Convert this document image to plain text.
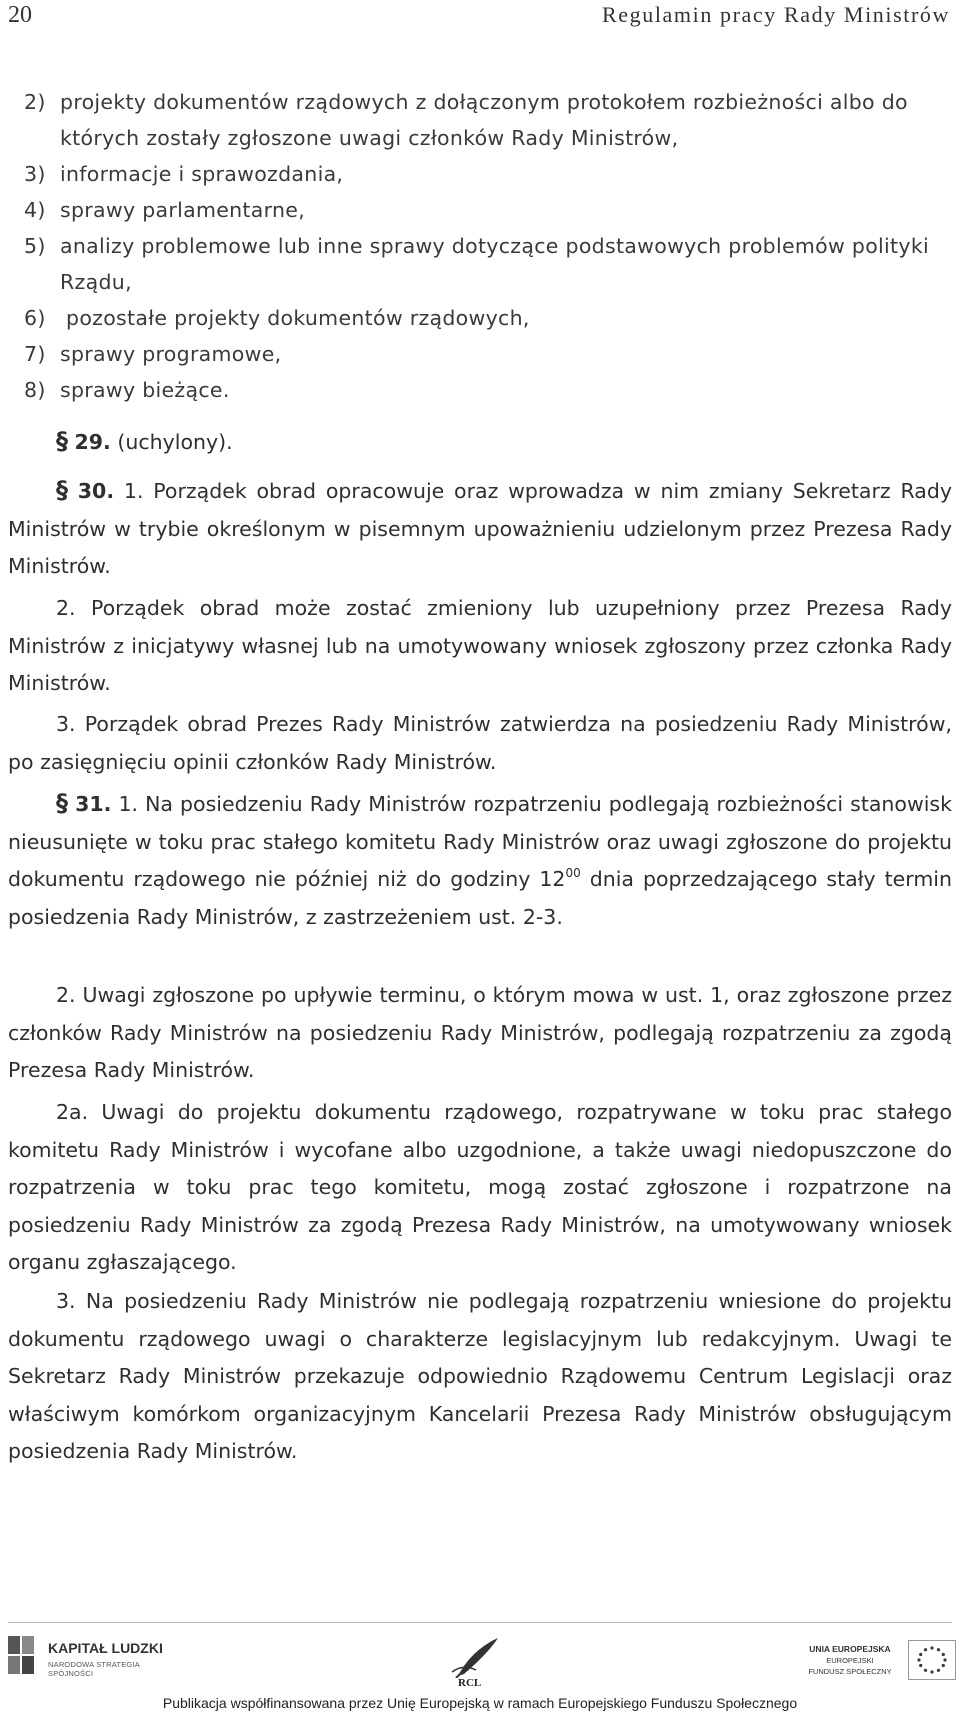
20	Regulamin pracy Rady Ministrów
2) projekty dokumentów rządowych z dołączonym protokołem rozbieżności albo do których zostały zgłoszone uwagi członków Rady Ministrów,
3) informacje i sprawozdania,
4) sprawy parlamentarne,
5) analizy problemowe lub inne sprawy dotyczące podstawowych problemów polityki Rządu,
6) pozostałe projekty dokumentów rządowych,
7) sprawy programowe,
8) sprawy bieżące.
§ 29. (uchylony).
§ 30. 1. Porządek obrad opracowuje oraz wprowadza w nim zmiany Sekretarz Rady Ministrów w trybie określonym w pisemnym upoważnieniu udzielonym przez Prezesa Rady Ministrów.
2. Porządek obrad może zostać zmieniony lub uzupełniony przez Prezesa Rady Ministrów z inicjatywy własnej lub na umotywowany wniosek zgłoszony przez członka Rady Ministrów.
3. Porządek obrad Prezes Rady Ministrów zatwierdza na posiedzeniu Rady Ministrów, po zasięgnięciu opinii członków Rady Ministrów.
§ 31. 1. Na posiedzeniu Rady Ministrów rozpatrzeniu podlegają rozbieżności stanowisk nieusunięte w toku prac stałego komitetu Rady Ministrów oraz uwagi zgłoszone do projektu dokumentu rządowego nie później niż do godziny $12^{00}$ dnia poprzedzającego stały termin posiedzenia Rady Ministrów, z zastrzeżeniem ust. 2-3.
2. Uwagi zgłoszone po upływie terminu, o którym mowa w ust. 1, oraz zgłoszone przez członków Rady Ministrów na posiedzeniu Rady Ministrów, podlegają rozpatrzeniu za zgodą Prezesa Rady Ministrów.
2a. Uwagi do projektu dokumentu rządowego, rozpatrywane w toku prac stałego komitetu Rady Ministrów i wycofane albo uzgodnione, a także uwagi niedopuszczone do rozpatrzenia w toku prac tego komitetu, mogą zostać zgłoszone i rozpatrzone na posiedzeniu Rady Ministrów za zgodą Prezesa Rady Ministrów, na umotywowany wniosek organu zgłaszającego.
3. Na posiedzeniu Rady Ministrów nie podlegają rozpatrzeniu wniesione do projektu dokumentu rządowego uwagi o charakterze legislacyjnym lub redakcyjnym. Uwagi te Sekretarz Rady Ministrów przekazuje odpowiednio Rządowemu Centrum Legislacji oraz właściwym komórkom organizacyjnym Kancelarii Prezesa Rady Ministrów obsługującym posiedzenia Rady Ministrów.
KAPITAŁ LUDZKI
NARODOWA STRATEGIA SPÓJNOŚCI
RCL
UNIA EUROPEJSKA
EUROPEJSKI
FUNDUSZ SPOŁECZNY
Publikacja współfinansowana przez Unię Europejską w ramach Europejskiego Funduszu Społecznego
